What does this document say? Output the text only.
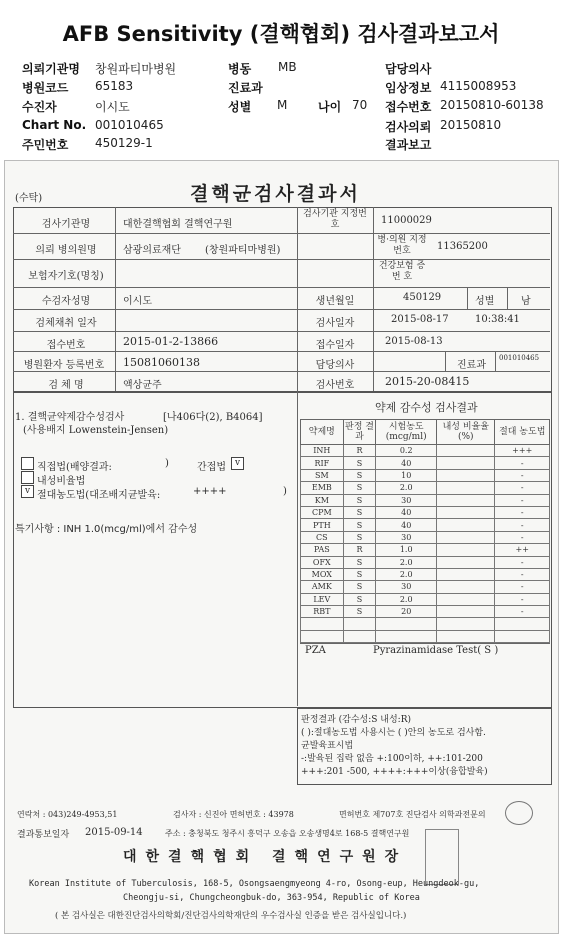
AFB Sensitivity (결핵협회) 검사결과보고서
의뢰기관명 창원파티마병원	병동 MB	담당의사
병원코드 65183	진료과	임상정보 4115008953
수진자	이시도	성별 M	나이 70 접수번호 20150810-60138
Chart No. 001010465	검사의뢰 20150810
주민번호 450129-1	결과보고
(수탁)	결핵균검사결과서
검사기관명	대한결핵협회 결핵연구원
검사기관 지정번호	11000029
의뢰 병의원명	삼광의료재단 (창원파티마병원)
병·의원 지정번호	11365200
보험자기호(명칭)
건강보험 증 번 호
수검자성명	이시도	생년월일	450129	성별	남
검체채취 일자	검사일자	2015-08-17	10:38:41
접수번호	2015-01-2-13866	접수일자	2015-08-13
병원환자 등록번호	15081060138	담당의사	진료과
001010465
검 체 명	액상균주	검사번호	2015-20-08415
1. 결핵균약제감수성검사	[나406다(2), B4064]
(사용배지 Lowenstein-Jensen)
직접법(배양결과:	)	간접법 v
내성비율법
v 절대농도법(대조배지균발육:	++++	)
특기사항 : INH 1.0(mcg/ml)에서 감수성
약제 감수성 검사결과
약제명	판정 결과	시험농도 (mcg/ml)	내성 비율율(%)	절대 농도법
INH	R	0.2		+++
RIF	S	40		-
SM	S	10		-
EMB	S	2.0		-
KM	S	30		-
CPM	S	40		-
PTH	S	40		-
CS	S	30		-
PAS	R	1.0		++
OFX	S	2.0		-
MOX	S	2.0		-
AMK	S	30		-
LEV	S	2.0		-
RBT	S	20		-

PZA	Pyrazinamidase Test( S )
판정결과 (감수성:S 내성:R)
( ):절대농도법 사용시는 ( )안의 농도로 검사함.
균발육표시법
-:발육된 집락 없음 +:100이하, ++:101-200
+++:201 -500, ++++:+++이상(융합발육)
연락처 : 043)249-4953,51	검사자 : 신진아 면허번호 : 43978	면허번호 제707호 진단검사 의학과전문의
결과통보일자 2015-09-14	주소 : 충청북도 청주시 흥덕구 오송읍 오송생명4로 168-5 결핵연구원
대한결핵협회 결핵연구원장
Korean Institute of Tuberculosis, 168-5, Osongsaengmyeong 4-ro, Osong-eup, Heungdeok-gu,
Cheongju-si, Chungcheongbuk-do, 363-954, Republic of Korea
( 본 검사실은 대한진단검사의학회/진단검사의학재단의 우수검사실 인증을 받은 검사실입니다.)
